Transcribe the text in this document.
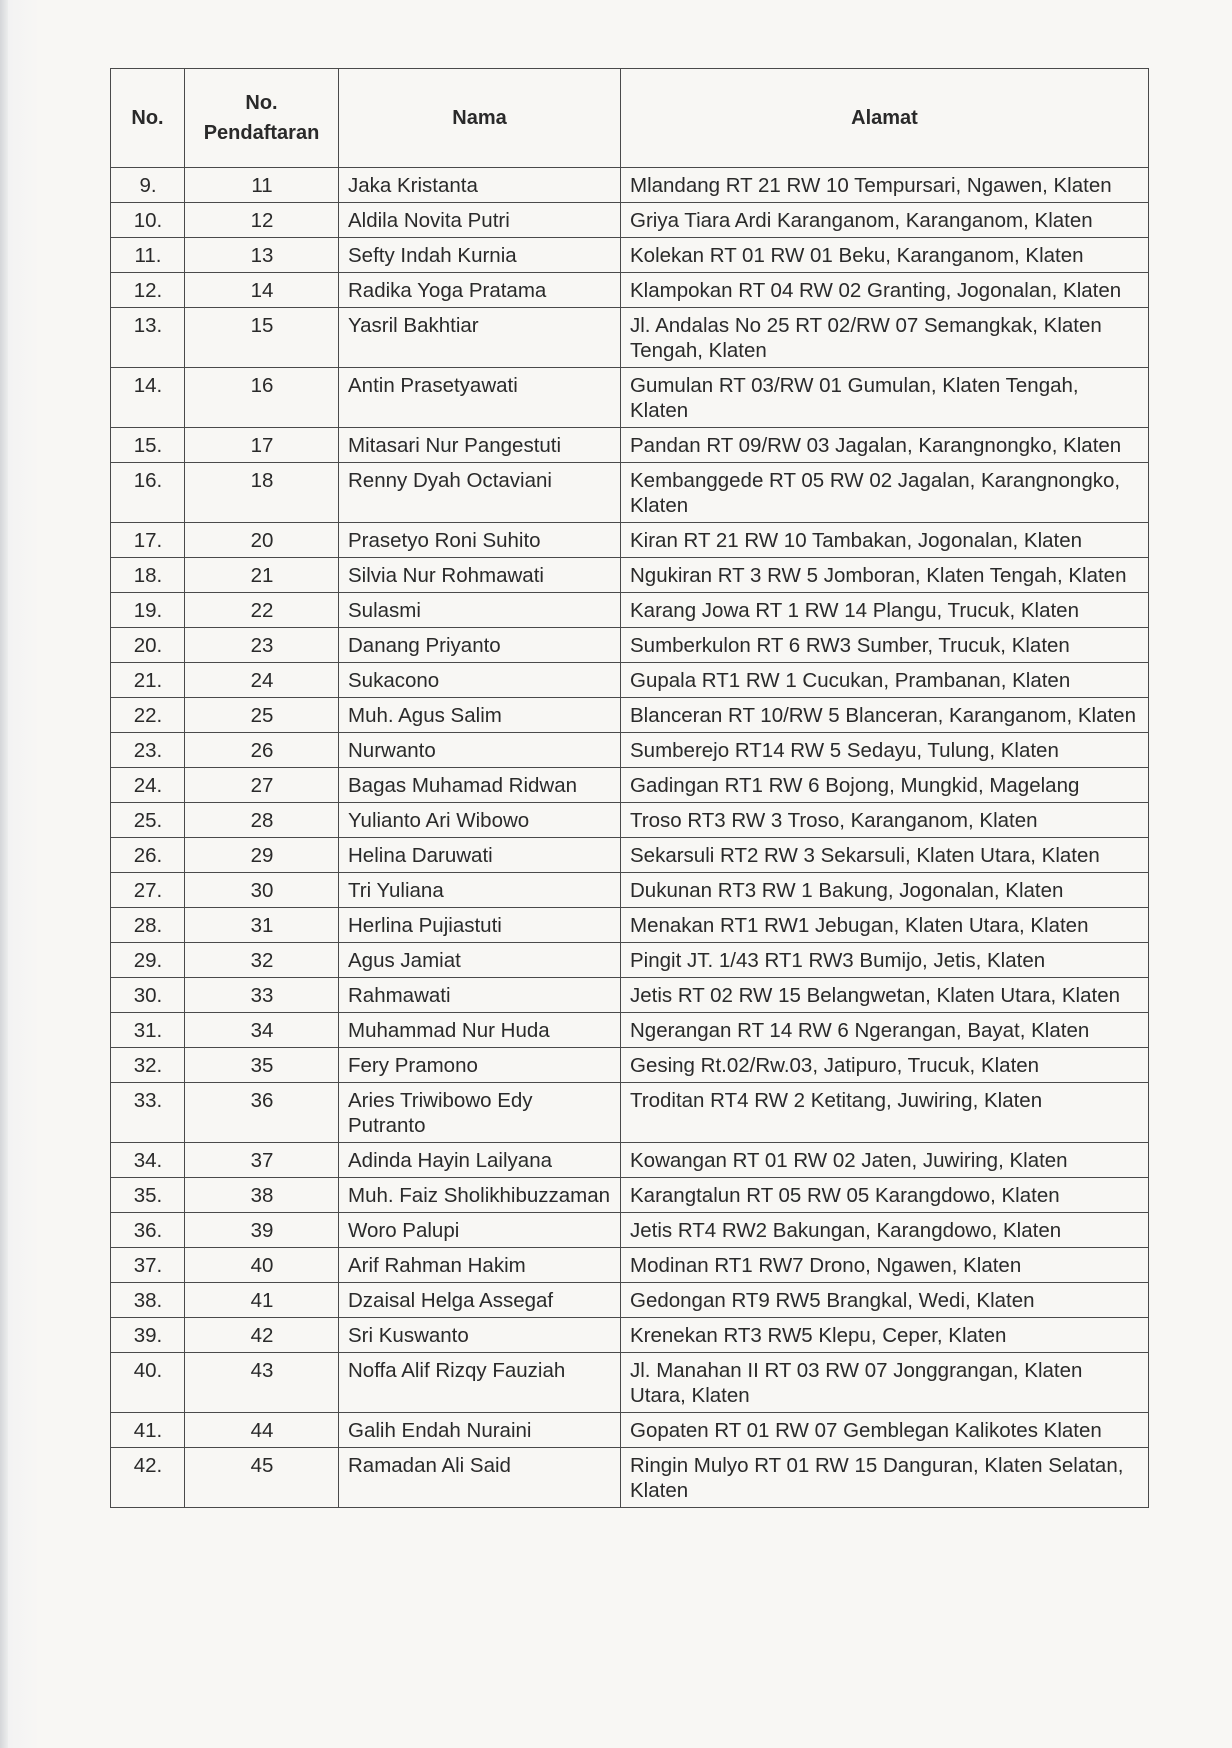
No.	No. Pendaftaran	Nama	Alamat
9.	11	Jaka Kristanta	Mlandang RT 21 RW 10 Tempursari, Ngawen, Klaten
10.	12	Aldila Novita Putri	Griya Tiara Ardi Karanganom, Karanganom, Klaten
11.	13	Sefty Indah Kurnia	Kolekan RT 01 RW 01 Beku, Karanganom, Klaten
12.	14	Radika Yoga Pratama	Klampokan RT 04 RW 02 Granting, Jogonalan, Klaten
13.	15	Yasril Bakhtiar	Jl. Andalas No 25 RT 02/RW 07 Semangkak, Klaten Tengah, Klaten
14.	16	Antin Prasetyawati	Gumulan RT 03/RW 01 Gumulan, Klaten Tengah, Klaten
15.	17	Mitasari Nur Pangestuti	Pandan RT 09/RW 03 Jagalan, Karangnongko, Klaten
16.	18	Renny Dyah Octaviani	Kembanggede RT 05 RW 02 Jagalan, Karangnongko, Klaten
17.	20	Prasetyo Roni Suhito	Kiran RT 21 RW 10 Tambakan, Jogonalan, Klaten
18.	21	Silvia Nur Rohmawati	Ngukiran RT 3 RW 5 Jomboran, Klaten Tengah, Klaten
19.	22	Sulasmi	Karang Jowa RT 1 RW 14 Plangu, Trucuk, Klaten
20.	23	Danang Priyanto	Sumberkulon RT 6 RW3 Sumber, Trucuk, Klaten
21.	24	Sukacono	Gupala RT1 RW 1 Cucukan, Prambanan, Klaten
22.	25	Muh. Agus Salim	Blanceran RT 10/RW 5 Blanceran, Karanganom, Klaten
23.	26	Nurwanto	Sumberejo RT14 RW 5 Sedayu, Tulung, Klaten
24.	27	Bagas Muhamad Ridwan	Gadingan RT1 RW 6 Bojong, Mungkid, Magelang
25.	28	Yulianto Ari Wibowo	Troso RT3 RW 3 Troso, Karanganom, Klaten
26.	29	Helina Daruwati	Sekarsuli RT2 RW 3 Sekarsuli, Klaten Utara, Klaten
27.	30	Tri Yuliana	Dukunan RT3 RW 1 Bakung, Jogonalan, Klaten
28.	31	Herlina Pujiastuti	Menakan RT1 RW1 Jebugan, Klaten Utara, Klaten
29.	32	Agus Jamiat	Pingit JT. 1/43 RT1 RW3 Bumijo, Jetis, Klaten
30.	33	Rahmawati	Jetis RT 02 RW 15 Belangwetan, Klaten Utara, Klaten
31.	34	Muhammad Nur Huda	Ngerangan RT 14 RW 6 Ngerangan, Bayat, Klaten
32.	35	Fery Pramono	Gesing Rt.02/Rw.03, Jatipuro, Trucuk, Klaten
33.	36	Aries Triwibowo Edy Putranto	Troditan RT4 RW 2 Ketitang, Juwiring, Klaten
34.	37	Adinda Hayin Lailyana	Kowangan RT 01 RW 02 Jaten, Juwiring, Klaten
35.	38	Muh. Faiz Sholikhibuzzaman	Karangtalun RT 05 RW 05 Karangdowo, Klaten
36.	39	Woro Palupi	Jetis RT4 RW2 Bakungan, Karangdowo, Klaten
37.	40	Arif Rahman Hakim	Modinan RT1 RW7 Drono, Ngawen, Klaten
38.	41	Dzaisal Helga Assegaf	Gedongan RT9 RW5 Brangkal, Wedi, Klaten
39.	42	Sri Kuswanto	Krenekan RT3 RW5 Klepu, Ceper, Klaten
40.	43	Noffa Alif Rizqy Fauziah	Jl. Manahan II RT 03 RW 07 Jonggrangan, Klaten Utara, Klaten
41.	44	Galih Endah Nuraini	Gopaten RT 01 RW 07 Gemblegan Kalikotes Klaten
42.	45	Ramadan Ali Said	Ringin Mulyo RT 01 RW 15 Danguran, Klaten Selatan, Klaten
